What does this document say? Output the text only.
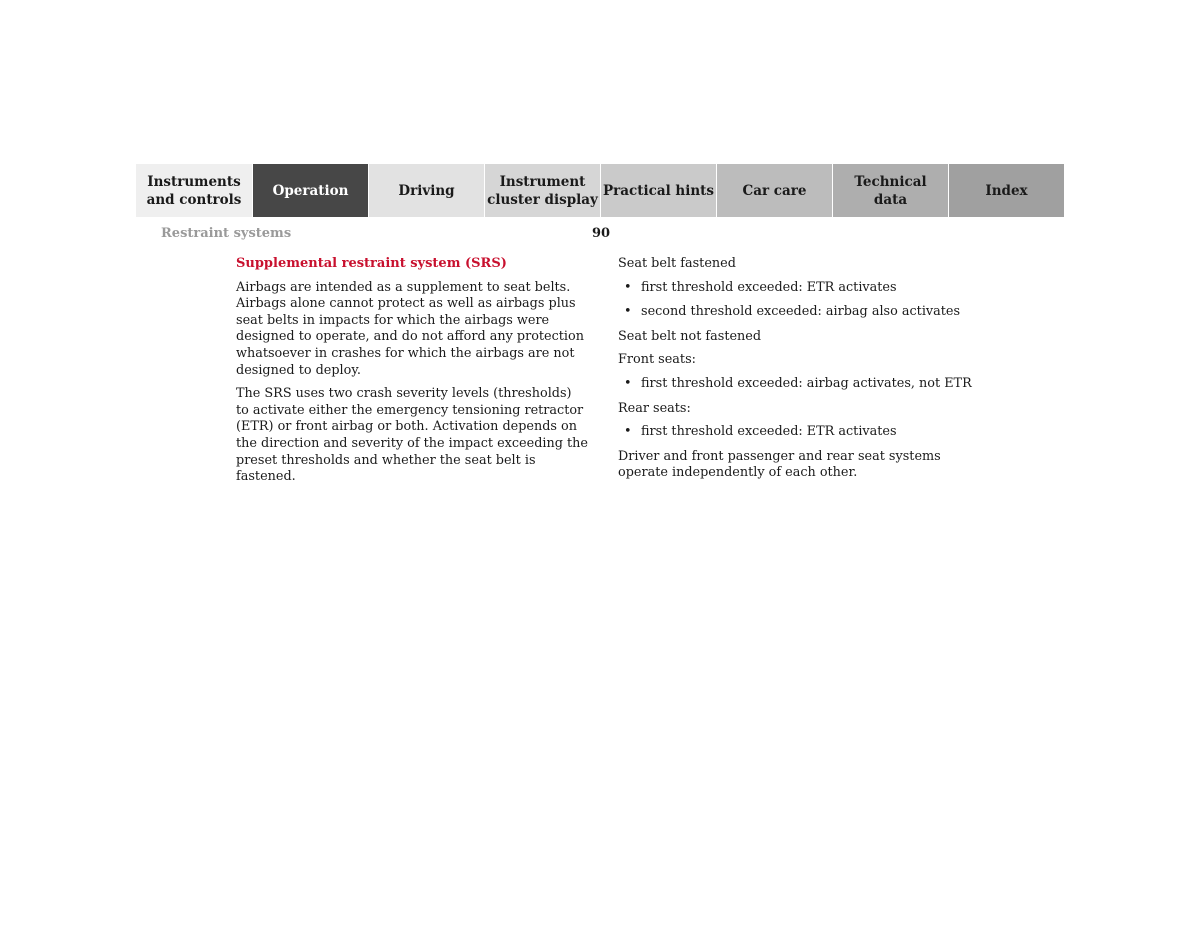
Instruments
and controls
Operation	Driving
Instrument
cluster display
Practical hints	Car care
Technical
data
Index
Restraint systems	90
Supplemental restraint system (SRS)
Airbags are intended as a supplement to seat belts. Airbags alone cannot protect as well as airbags plus seat belts in impacts for which the airbags were designed to operate, and do not afford any protection whatsoever in crashes for which the airbags are not designed to deploy.
The SRS uses two crash severity levels (thresholds) to activate either the emergency tensioning retractor (ETR) or front airbag or both. Activation depends on the direction and severity of the impact exceeding the preset thresholds and whether the seat belt is fastened.
Seat belt fastened
• first threshold exceeded: ETR activates
• second threshold exceeded: airbag also activates
Seat belt not fastened
Front seats:
• first threshold exceeded: airbag activates, not ETR
Rear seats:
• first threshold exceeded: ETR activates
Driver and front passenger and rear seat systems operate independently of each other.
